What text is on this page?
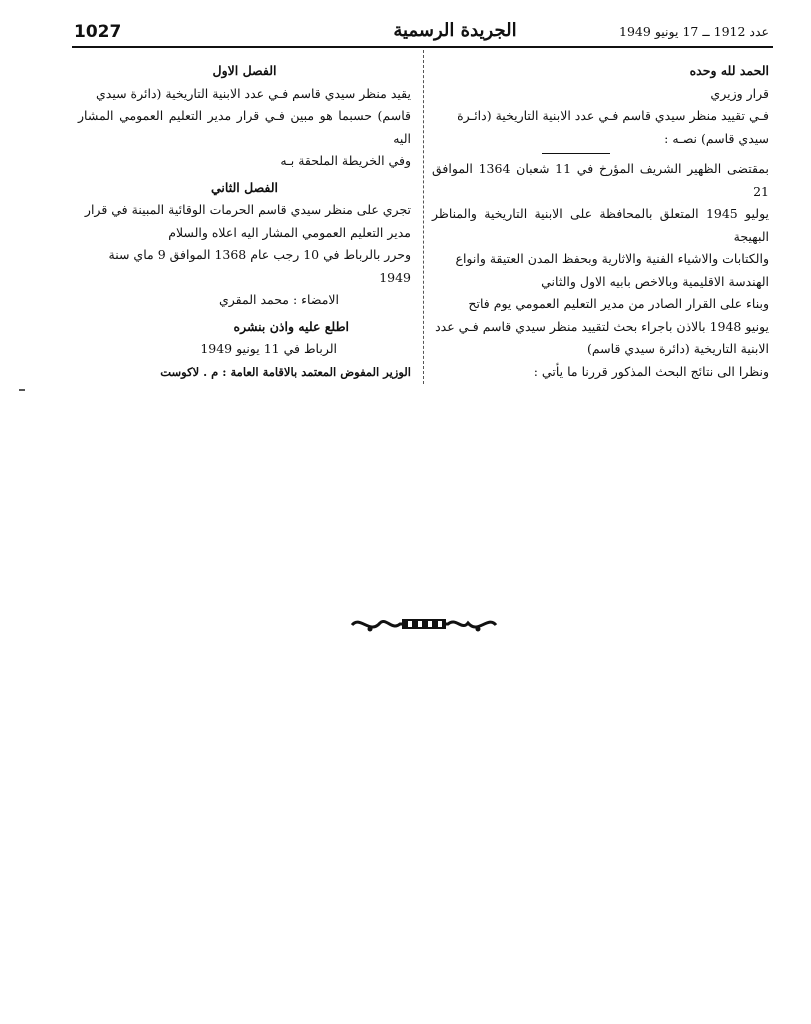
1027	الجريدة الرسمية	عدد 1912 ــ 17 يونيو 1949

الحمد لله وحده

قرار وزيري

فـي تقييد منظر سيدي قاسم فـي عدد الابنية التاريخية (دائـرة

سيدي قاسم) نصـه :

بمقتضى الظهير الشريف المؤرخ في 11 شعبان 1364 الموافق 21

يوليو 1945 المتعلق بالمحافظة على الابنية التاريخية والمناظر البهيجة

والكتابات والاشياء الفنية والاثارية وبحفظ المدن العتيقة وانواع

الهندسة الاقليمية وبالاخص بابيه الاول والثاني

وبناء على القرار الصادر من مدير التعليم العمومي يوم فاتح

يونيو 1948 بالاذن باجراء بحث لتقييد منظر سيدي قاسم فـي عدد

الابنية التاريخية (دائرة سيدي قاسم)

ونظرا الى نتائج البحث المذكور قررنا ما يأتي :

الفصل الاول

يقيد منظر سيدي قاسم فـي عدد الابنية التاريخية (دائرة سيدي

قاسم) حسبما هو مبين فـي قرار مدير التعليم العمومي المشار اليه

وفي الخريطة الملحقة بـه

الفصل الثاني

تجري على منظر سيدي قاسم الحرمات الوقائية المبينة في قرار

مدير التعليم العمومي المشار اليه اعلاه والسلام

وحرر بالرباط في 10 رجب عام 1368 الموافق 9 ماي سنة 1949

الامضاء : محمد المقري

اطلع عليه واذن بنشره

الرباط في 11 يونيو 1949

الوزير المفوض المعتمد بالاقامة العامة : م . لاكوست
